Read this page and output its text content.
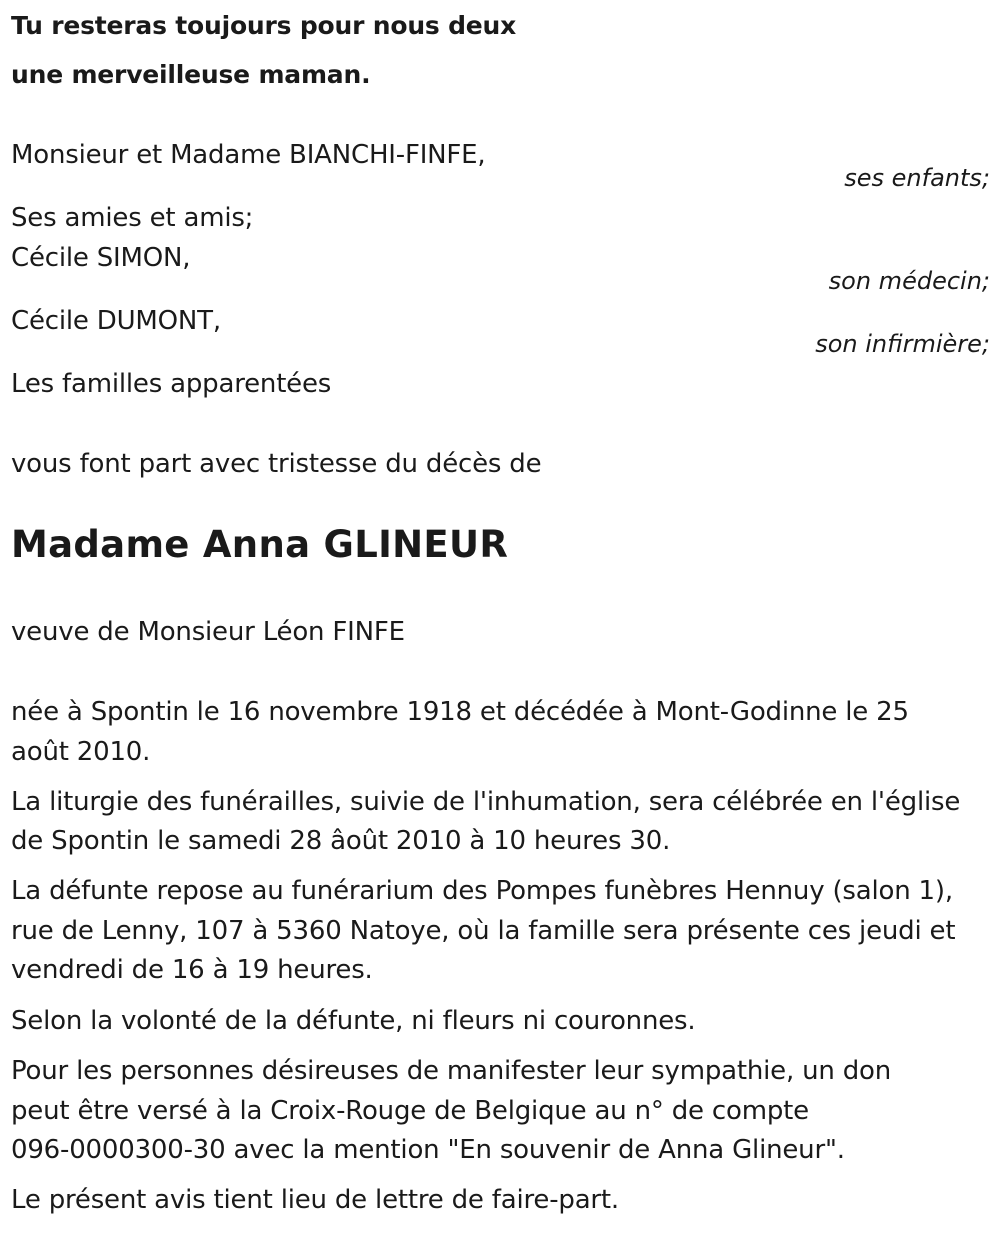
Tu resteras toujours pour nous deux
une merveilleuse maman.
Monsieur et Madame BIANCHI-FINFE,
ses enfants;
Ses amies et amis;
Cécile SIMON,
son médecin;
Cécile DUMONT,
son infirmière;
Les familles apparentées
vous font part avec tristesse du décès de
Madame Anna GLINEUR
veuve de Monsieur Léon FINFE
née à Spontin le 16 novembre 1918 et décédée à Mont-Godinne le 25
août 2010.
La liturgie des funérailles, suivie de l'inhumation, sera célébrée en l'église
de Spontin le samedi 28 âoût 2010 à 10 heures 30.
La défunte repose au funérarium des Pompes funèbres Hennuy (salon 1),
rue de Lenny, 107 à 5360 Natoye, où la famille sera présente ces jeudi et
vendredi de 16 à 19 heures.
Selon la volonté de la défunte, ni fleurs ni couronnes.
Pour les personnes désireuses de manifester leur sympathie, un don
peut être versé à la Croix-Rouge de Belgique au n° de compte
096-0000300-30 avec la mention "En souvenir de Anna Glineur".
Le présent avis tient lieu de lettre de faire-part.
